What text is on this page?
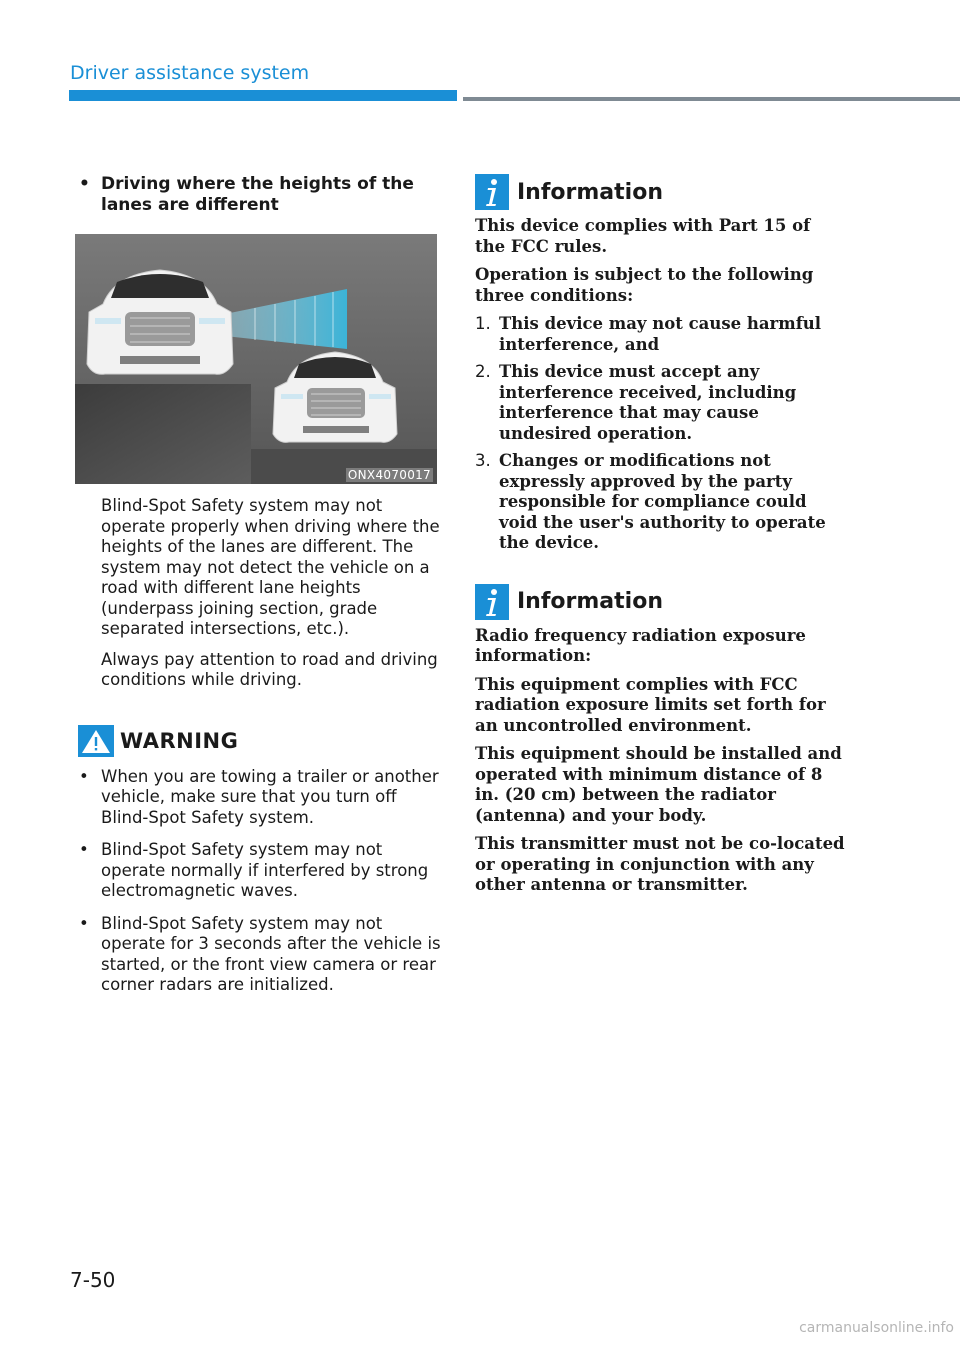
Driver assistance system
• Driving where the heights of the lanes are different
ONX4070017
Blind-Spot Safety system may not operate properly when driving where the heights of the lanes are different. The system may not detect the vehicle on a road with different lane heights (underpass joining section, grade separated intersections, etc.).
Always pay attention to road and driving conditions while driving.
WARNING
• When you are towing a trailer or another vehicle, make sure that you turn off Blind-Spot Safety system.
• Blind-Spot Safety system may not operate normally if interfered by strong electromagnetic waves.
• Blind-Spot Safety system may not operate for 3 seconds after the vehicle is started, or the front view camera or rear corner radars are initialized.
Information
This device complies with Part 15 of the FCC rules.
Operation is subject to the following three conditions:
1. This device may not cause harmful interference, and
2. This device must accept any interference received, including interference that may cause undesired operation.
3. Changes or modifications not expressly approved by the party responsible for compliance could void the user's authority to operate the device.
Information
Radio frequency radiation exposure information:
This equipment complies with FCC radiation exposure limits set forth for an uncontrolled environment.
This equipment should be installed and operated with minimum distance of 8 in. (20 cm) between the radiator (antenna) and your body.
This transmitter must not be co-located or operating in conjunction with any other antenna or transmitter.
7-50
carmanualsonline.info
